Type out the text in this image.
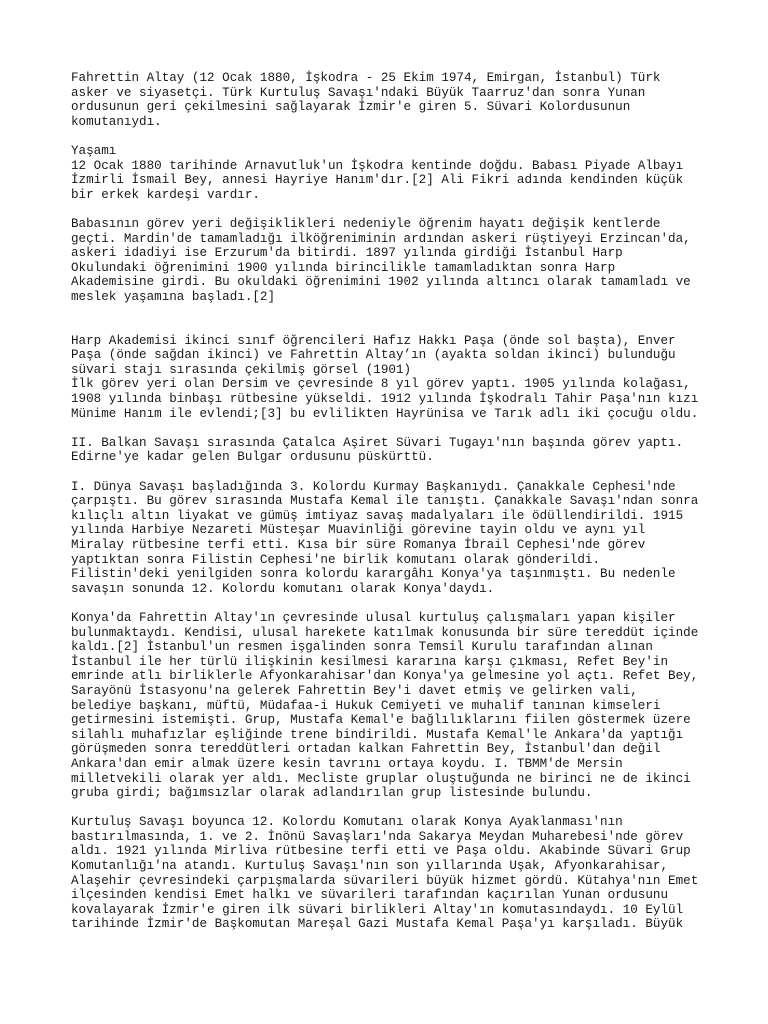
Fahrettin Altay (12 Ocak 1880, İşkodra - 25 Ekim 1974, Emirgan, İstanbul) Türk
asker ve siyasetçi. Türk Kurtuluş Savaşı'ndaki Büyük Taarruz'dan sonra Yunan
ordusunun geri çekilmesini sağlayarak İzmir'e giren 5. Süvari Kolordusunun
komutanıydı.
Yaşamı
12 Ocak 1880 tarihinde Arnavutluk'un İşkodra kentinde doğdu. Babası Piyade Albayı
İzmirli İsmail Bey, annesi Hayriye Hanım'dır.[2] Ali Fikri adında kendinden küçük
bir erkek kardeşi vardır.
Babasının görev yeri değişiklikleri nedeniyle öğrenim hayatı değişik kentlerde
geçti. Mardin'de tamamladığı ilköğreniminin ardından askeri rüştiyeyi Erzincan'da,
askeri idadiyi ise Erzurum'da bitirdi. 1897 yılında girdiği İstanbul Harp
Okulundaki öğrenimini 1900 yılında birincilikle tamamladıktan sonra Harp
Akademisine girdi. Bu okuldaki öğrenimini 1902 yılında altıncı olarak tamamladı ve
meslek yaşamına başladı.[2]
Harp Akademisi ikinci sınıf öğrencileri Hafız Hakkı Paşa (önde sol başta), Enver
Paşa (önde sağdan ikinci) ve Fahrettin Altay’ın (ayakta soldan ikinci) bulunduğu
süvari stajı sırasında çekilmiş görsel (1901)
İlk görev yeri olan Dersim ve çevresinde 8 yıl görev yaptı. 1905 yılında kolağası,
1908 yılında binbaşı rütbesine yükseldi. 1912 yılında İşkodralı Tahir Paşa'nın kızı
Münime Hanım ile evlendi;[3] bu evlilikten Hayrünisa ve Tarık adlı iki çocuğu oldu.
II. Balkan Savaşı sırasında Çatalca Aşiret Süvari Tugayı'nın başında görev yaptı.
Edirne'ye kadar gelen Bulgar ordusunu püskürttü.
I. Dünya Savaşı başladığında 3. Kolordu Kurmay Başkanıydı. Çanakkale Cephesi'nde
çarpıştı. Bu görev sırasında Mustafa Kemal ile tanıştı. Çanakkale Savaşı'ndan sonra
kılıçlı altın liyakat ve gümüş imtiyaz savaş madalyaları ile ödüllendirildi. 1915
yılında Harbiye Nezareti Müsteşar Muavinliği görevine tayin oldu ve aynı yıl
Miralay rütbesine terfi etti. Kısa bir süre Romanya İbrail Cephesi'nde görev
yaptıktan sonra Filistin Cephesi'ne birlik komutanı olarak gönderildi.
Filistin'deki yenilgiden sonra kolordu karargâhı Konya'ya taşınmıştı. Bu nedenle
savaşın sonunda 12. Kolordu komutanı olarak Konya'daydı.
Konya'da Fahrettin Altay'ın çevresinde ulusal kurtuluş çalışmaları yapan kişiler
bulunmaktaydı. Kendisi, ulusal harekete katılmak konusunda bir süre tereddüt içinde
kaldı.[2] İstanbul'un resmen işgalinden sonra Temsil Kurulu tarafından alınan
İstanbul ile her türlü ilişkinin kesilmesi kararına karşı çıkması, Refet Bey'in
emrinde atlı birliklerle Afyonkarahisar'dan Konya'ya gelmesine yol açtı. Refet Bey,
Sarayönü İstasyonu'na gelerek Fahrettin Bey'i davet etmiş ve gelirken vali,
belediye başkanı, müftü, Müdafaa-i Hukuk Cemiyeti ve muhalif tanınan kimseleri
getirmesini istemişti. Grup, Mustafa Kemal'e bağlılıklarını fiilen göstermek üzere
silahlı muhafızlar eşliğinde trene bindirildi. Mustafa Kemal'le Ankara'da yaptığı
görüşmeden sonra tereddütleri ortadan kalkan Fahrettin Bey, İstanbul'dan değil
Ankara'dan emir almak üzere kesin tavrını ortaya koydu. I. TBMM'de Mersin
milletvekili olarak yer aldı. Mecliste gruplar oluştuğunda ne birinci ne de ikinci
gruba girdi; bağımsızlar olarak adlandırılan grup listesinde bulundu.
Kurtuluş Savaşı boyunca 12. Kolordu Komutanı olarak Konya Ayaklanması'nın
bastırılmasında, 1. ve 2. İnönü Savaşları'nda Sakarya Meydan Muharebesi'nde görev
aldı. 1921 yılında Mirliva rütbesine terfi etti ve Paşa oldu. Akabinde Süvari Grup
Komutanlığı'na atandı. Kurtuluş Savaşı'nın son yıllarında Uşak, Afyonkarahisar,
Alaşehir çevresindeki çarpışmalarda süvarileri büyük hizmet gördü. Kütahya'nın Emet
ilçesinden kendisi Emet halkı ve süvarileri tarafından kaçırılan Yunan ordusunu
kovalayarak İzmir'e giren ilk süvari birlikleri Altay'ın komutasındaydı. 10 Eylül
tarihinde İzmir'de Başkomutan Mareşal Gazi Mustafa Kemal Paşa'yı karşıladı. Büyük
